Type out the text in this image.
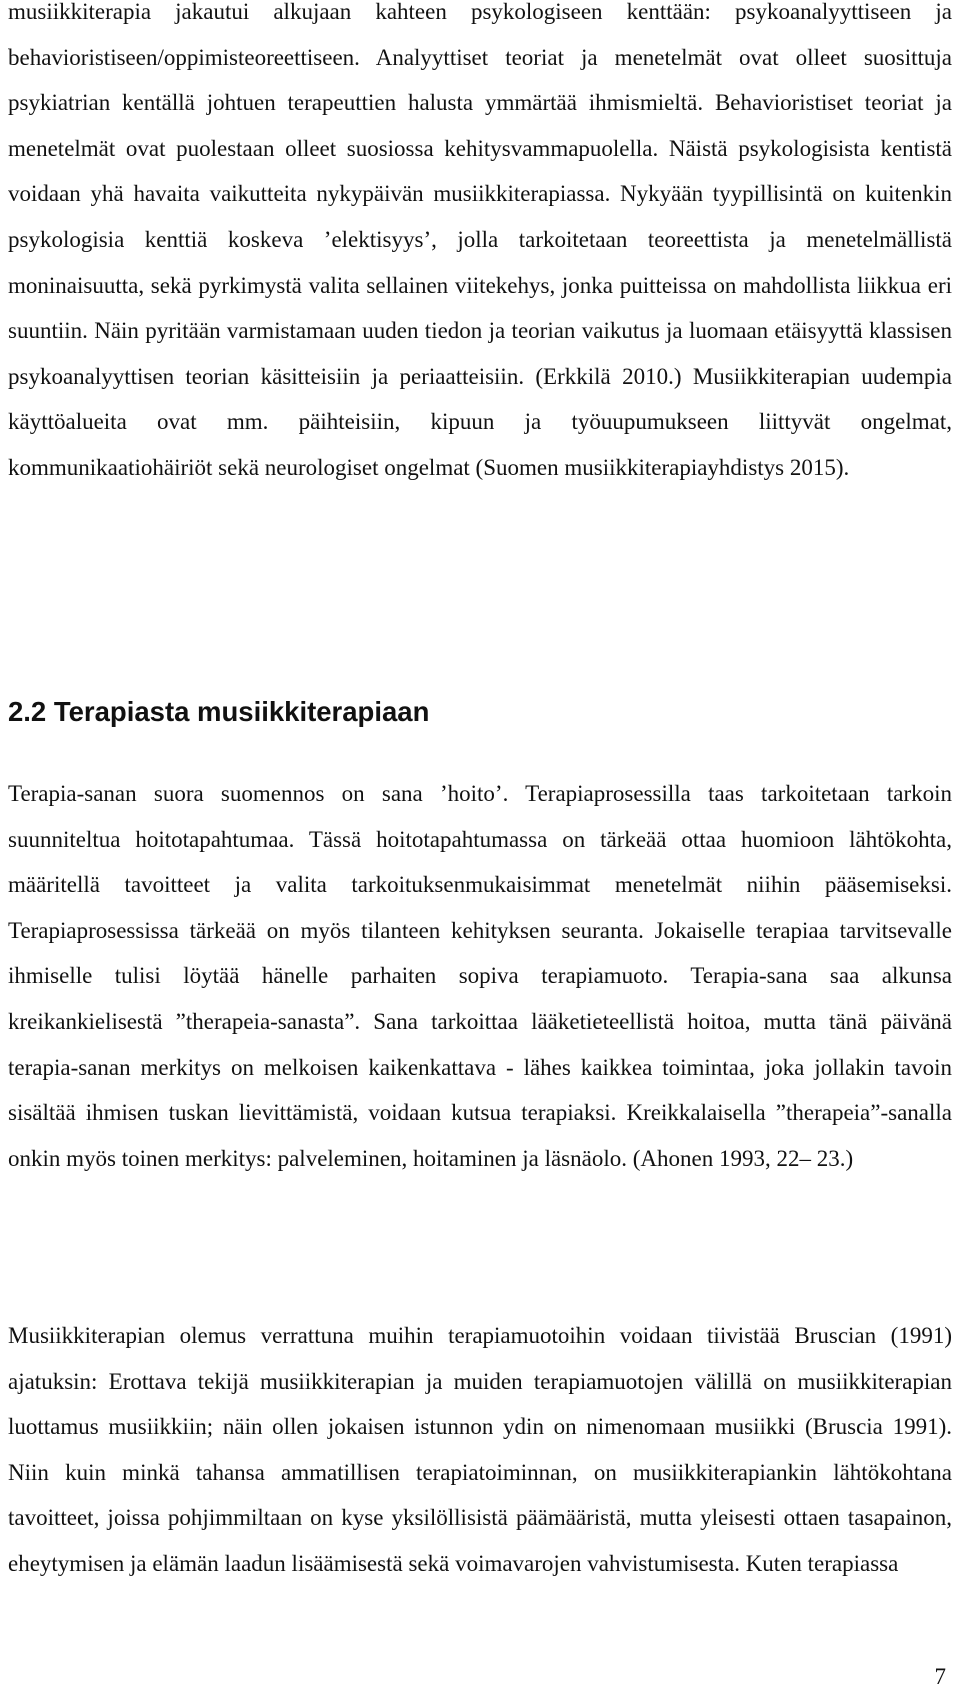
musiikkiterapia jakautui alkujaan kahteen psykologiseen kenttään: psykoanalyyttiseen ja behavioristiseen/oppimisteoreettiseen. Analyyttiset teoriat ja menetelmät ovat olleet suosittuja psykiatrian kentällä johtuen terapeuttien halusta ymmärtää ihmismieltä. Behavioristiset teoriat ja menetelmät ovat puolestaan olleet suosiossa kehitysvammapuolella. Näistä psykologisista kentistä voidaan yhä havaita vaikutteita nykypäivän musiikkiterapiassa. Nykyään tyypillisintä on kuitenkin psykologisia kenttiä koskeva ’elektisyys’, jolla tarkoitetaan teoreettista ja menetelmällistä moninaisuutta, sekä pyrkimystä valita sellainen viitekehys, jonka puitteissa on mahdollista liikkua eri suuntiin. Näin pyritään varmistamaan uuden tiedon ja teorian vaikutus ja luomaan etäisyyttä klassisen psykoanalyyttisen teorian käsitteisiin ja periaatteisiin. (Erkkilä 2010.) Musiikkiterapian uudempia käyttöalueita ovat mm. päihteisiin, kipuun ja työuupumukseen liittyvät ongelmat, kommunikaatiohäiriöt sekä neurologiset ongelmat (Suomen musiikkiterapiayhdistys 2015).

2.2 Terapiasta musiikkiterapiaan

Terapia-sanan suora suomennos on sana ’hoito’. Terapiaprosessilla taas tarkoitetaan tarkoin suunniteltua hoitotapahtumaa. Tässä hoitotapahtumassa on tärkeää ottaa huomioon lähtökohta, määritellä tavoitteet ja valita tarkoituksenmukaisimmat menetelmät niihin pääsemiseksi. Terapiaprosessissa tärkeää on myös tilanteen kehityksen seuranta. Jokaiselle terapiaa tarvitsevalle ihmiselle tulisi löytää hänelle parhaiten sopiva terapiamuoto. Terapia-sana saa alkunsa kreikankielisestä ”therapeia-sanasta”. Sana tarkoittaa lääketieteellistä hoitoa, mutta tänä päivänä terapia-sanan merkitys on melkoisen kaikenkattava - lähes kaikkea toimintaa, joka jollakin tavoin sisältää ihmisen tuskan lievittämistä, voidaan kutsua terapiaksi. Kreikkalaisella ”therapeia”-sanalla onkin myös toinen merkitys: palveleminen, hoitaminen ja läsnäolo. (Ahonen 1993, 22– 23.)

Musiikkiterapian olemus verrattuna muihin terapiamuotoihin voidaan tiivistää Bruscian (1991) ajatuksin: Erottava tekijä musiikkiterapian ja muiden terapiamuotojen välillä on musiikkiterapian luottamus musiikkiin; näin ollen jokaisen istunnon ydin on nimenomaan musiikki (Bruscia 1991). Niin kuin minkä tahansa ammatillisen terapiatoiminnan, on musiikkiterapiankin lähtökohtana tavoitteet, joissa pohjimmiltaan on kyse yksilöllisistä päämääristä, mutta yleisesti ottaen tasapainon, eheytymisen ja elämän laadun lisäämisestä sekä voimavarojen vahvistumisesta. Kuten terapiassa

7
